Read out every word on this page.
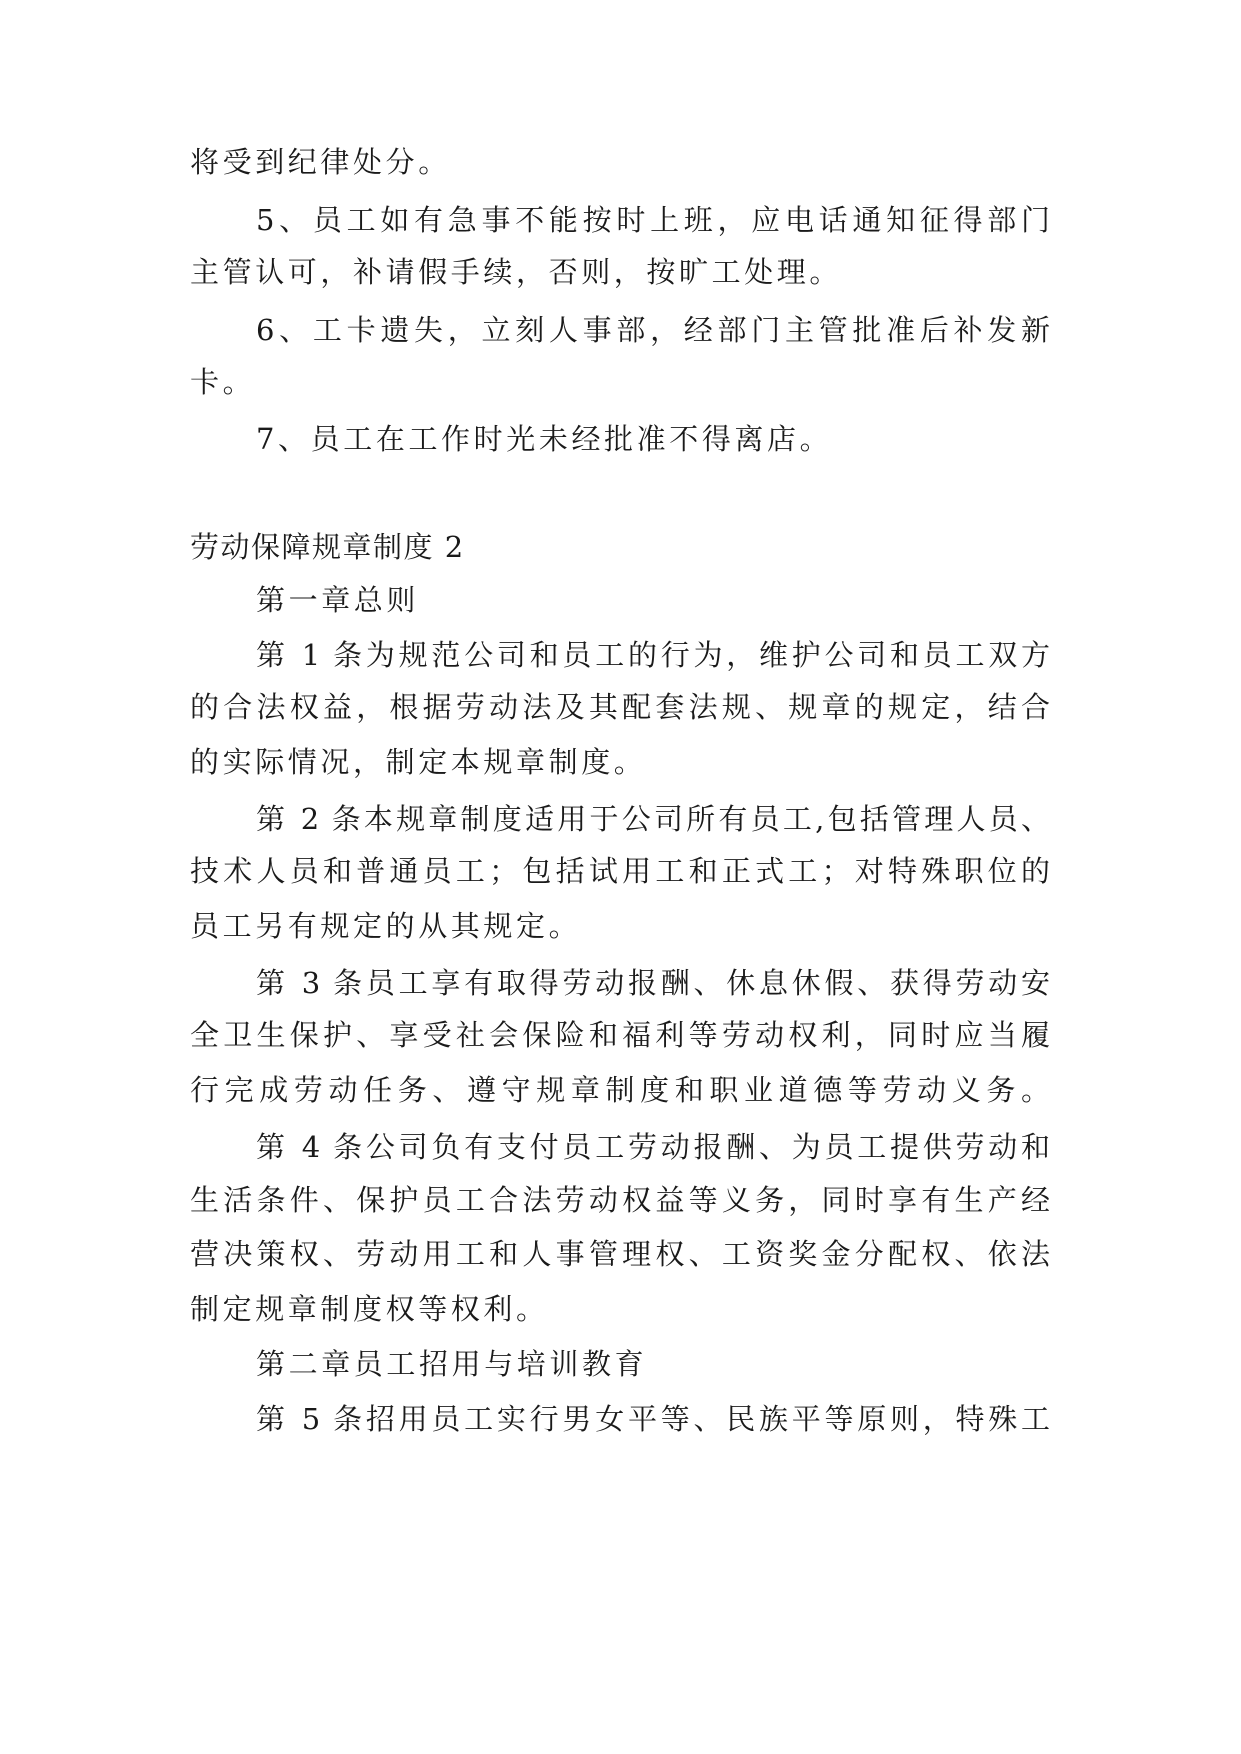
将受到纪律处分。
5、员工如有急事不能按时上班，应电话通知征得部门
主管认可，补请假手续，否则，按旷工处理。
6、工卡遗失，立刻人事部，经部门主管批准后补发新
卡。
7、员工在工作时光未经批准不得离店。
劳动保障规章制度 2
第一章总则
第 1 条为规范公司和员工的行为，维护公司和员工双方
的合法权益，根据劳动法及其配套法规、规章的规定，结合
的实际情况，制定本规章制度。
第 2 条本规章制度适用于公司所有员工,包括管理人员、
技术人员和普通员工；包括试用工和正式工；对特殊职位的
员工另有规定的从其规定。
第 3 条员工享有取得劳动报酬、休息休假、获得劳动安
全卫生保护、享受社会保险和福利等劳动权利，同时应当履
行完成劳动任务、遵守规章制度和职业道德等劳动义务。
第 4 条公司负有支付员工劳动报酬、为员工提供劳动和
生活条件、保护员工合法劳动权益等义务，同时享有生产经
营决策权、劳动用工和人事管理权、工资奖金分配权、依法
制定规章制度权等权利。
第二章员工招用与培训教育
第 5 条招用员工实行男女平等、民族平等原则，特殊工
